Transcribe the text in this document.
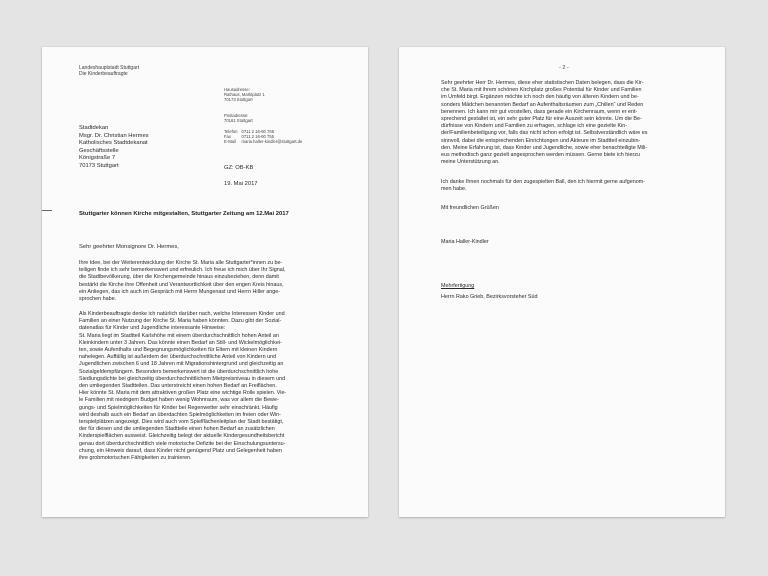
Landeshauptstadt Stuttgart

Die Kinderbeauftragte

Hausadresse:
Rathaus, Marktplatz 1
70173 Stuttgart

Postadresse:
70161 Stuttgart

Telefon	0711 2 16-60 765
Fax	0711 2 16-60 755
E-Mail	maria.haller-kindler@stuttgart.de

Stadtdekan
Msgr. Dr. Christian Hermes
Katholisches Stadtdekanat
Geschäftsstelle
Königstraße 7
70173 Stuttgart	GZ: OB-KB

19. Mai 2017

Stuttgarter können Kirche mitgestalten, Stuttgarter Zeitung am 12.Mai 2017

Sehr geehrter Monsignore Dr. Hermes,

Ihre Idee, bei der Weiterentwicklung der Kirche St. Maria alle Stuttgarter*innen zu be-
teiligen finde ich sehr bemerkenswert und erfreulich. Ich freue ich mich über Ihr Signal,
die Stadtbevölkerung, über die Kirchengemeinde hinaus einzubeziehen, denn damit
bestärkt die Kirche ihre Offenheit und Verantwortlichkeit über den engen Kreis hinaus,
ein Anliegen, das ich auch im Gespräch mit Herrn Mungenast und Herrn Hiller ange-
sprochen habe.

Als Kinderbeauftragte denke ich natürlich darüber nach, welche Interessen Kinder und
Familien an einer Nutzung der Kirche St. Maria haben könnten. Dazu gibt der Sozial-
datenatlas für Kinder und Jugendliche interessante Hinweise:
St. Maria liegt im Stadtteil Karlshöhe mit einem überdurchschnittlich hohen Anteil an
Kleinkindern unter 3 Jahren. Das könnte einen Bedarf an Still- und Wickelmöglichkei-
ten, sowie Aufenthalts und Begegnungsmöglichkeiten für Eltern mit kleinen Kindern
nahelegen. Auffällig ist außerdem der überdurchschnittliche Anteil von Kindern und
Jugendlichen zwischen 6 und 18 Jahren mit Migrationshintergrund und gleichzeitig an
Sozialgeldempfängern. Besonders bemerkenswert ist die überdurchschnittlich hohe
Siedlungsdichte bei gleichzeitig überdurchschnittlichem Mietpreisniveau in diesem und
den umliegenden Stadtteilen. Das unterstreicht einen hohen Bedarf an Freiflächen.
Hier könnte St. Maria mit dem attraktiven großen Platz eine wichtige Rolle spielen. Vie-
le Familien mit niedrigem Budget haben wenig Wohnraum, was vor allem die Bewe-
gungs- und Spielmöglichkeiten für Kinder bei Regenwetter sehr einschränkt. Häufig
wird deshalb auch ein Bedarf an überdachten Spielmöglichkeiten im freien oder Win-
terspielplätzen angezeigt. Dies wird auch vom Spielflächenleitplan der Stadt bestätigt,
der für diesen und die umliegenden Stadtteile einen hohen Bedarf an zusätzlichen
Kinderspielflächen ausweist. Gleichzeitig belegt der aktuelle Kindergesundheitsbericht
genau dort überdurchschnittlich viele motorische Defizite bei der Einschulungsuntersu-
chung, ein Hinweis darauf, dass Kinder nicht genügend Platz und Gelegenheit haben
ihre grobmotorischen Fähigkeiten zu trainieren.

- 2 -

Sehr geehrter Herr Dr. Hermes, diese eher statistischen Daten belegen, dass die Kir-
che St. Maria mit ihrem schönen Kirchplatz großes Potential für Kinder und Familien
im Umfeld birgt. Ergänzen möchte ich noch den häufig von älteren Kindern und be-
sonders Mädchen benannten Bedarf an Aufenthaltsräumen zum „Chillen“ und Reden
benennen. Ich kann mir gut vorstellen, dass gerade ein Kirchenraum, wenn er ent-
sprechend gestaltet ist, ein sehr guter Platz für eine Auszeit sein könnte. Um die Be-
dürfnisse von Kindern und Familien zu erfragen, schlage ich eine gezielte Kin-
der/Familienbeteiligung vor, falls das nicht schon erfolgt ist. Selbstverständlich wäre es
sinnvoll, dabei die entsprechenden Einrichtungen und Akteure im Stadtteil einzubin-
den. Meine Erfahrung ist, dass Kinder und Jugendliche, sowie eher benachteiligte Mili-
eus methodisch ganz gezielt angesprochen werden müssen. Gerne biete ich hierzu
meine Unterstützung an.

Ich danke Ihnen nochmals für den zugespielten Ball, den ich hiermit gerne aufgenom-
men habe.

Mit freundlichen Grüßen

Maria Haller-Kindler

Mehrfertigung

Herrn Rako Grieb, Bezirksvorsteher Süd
